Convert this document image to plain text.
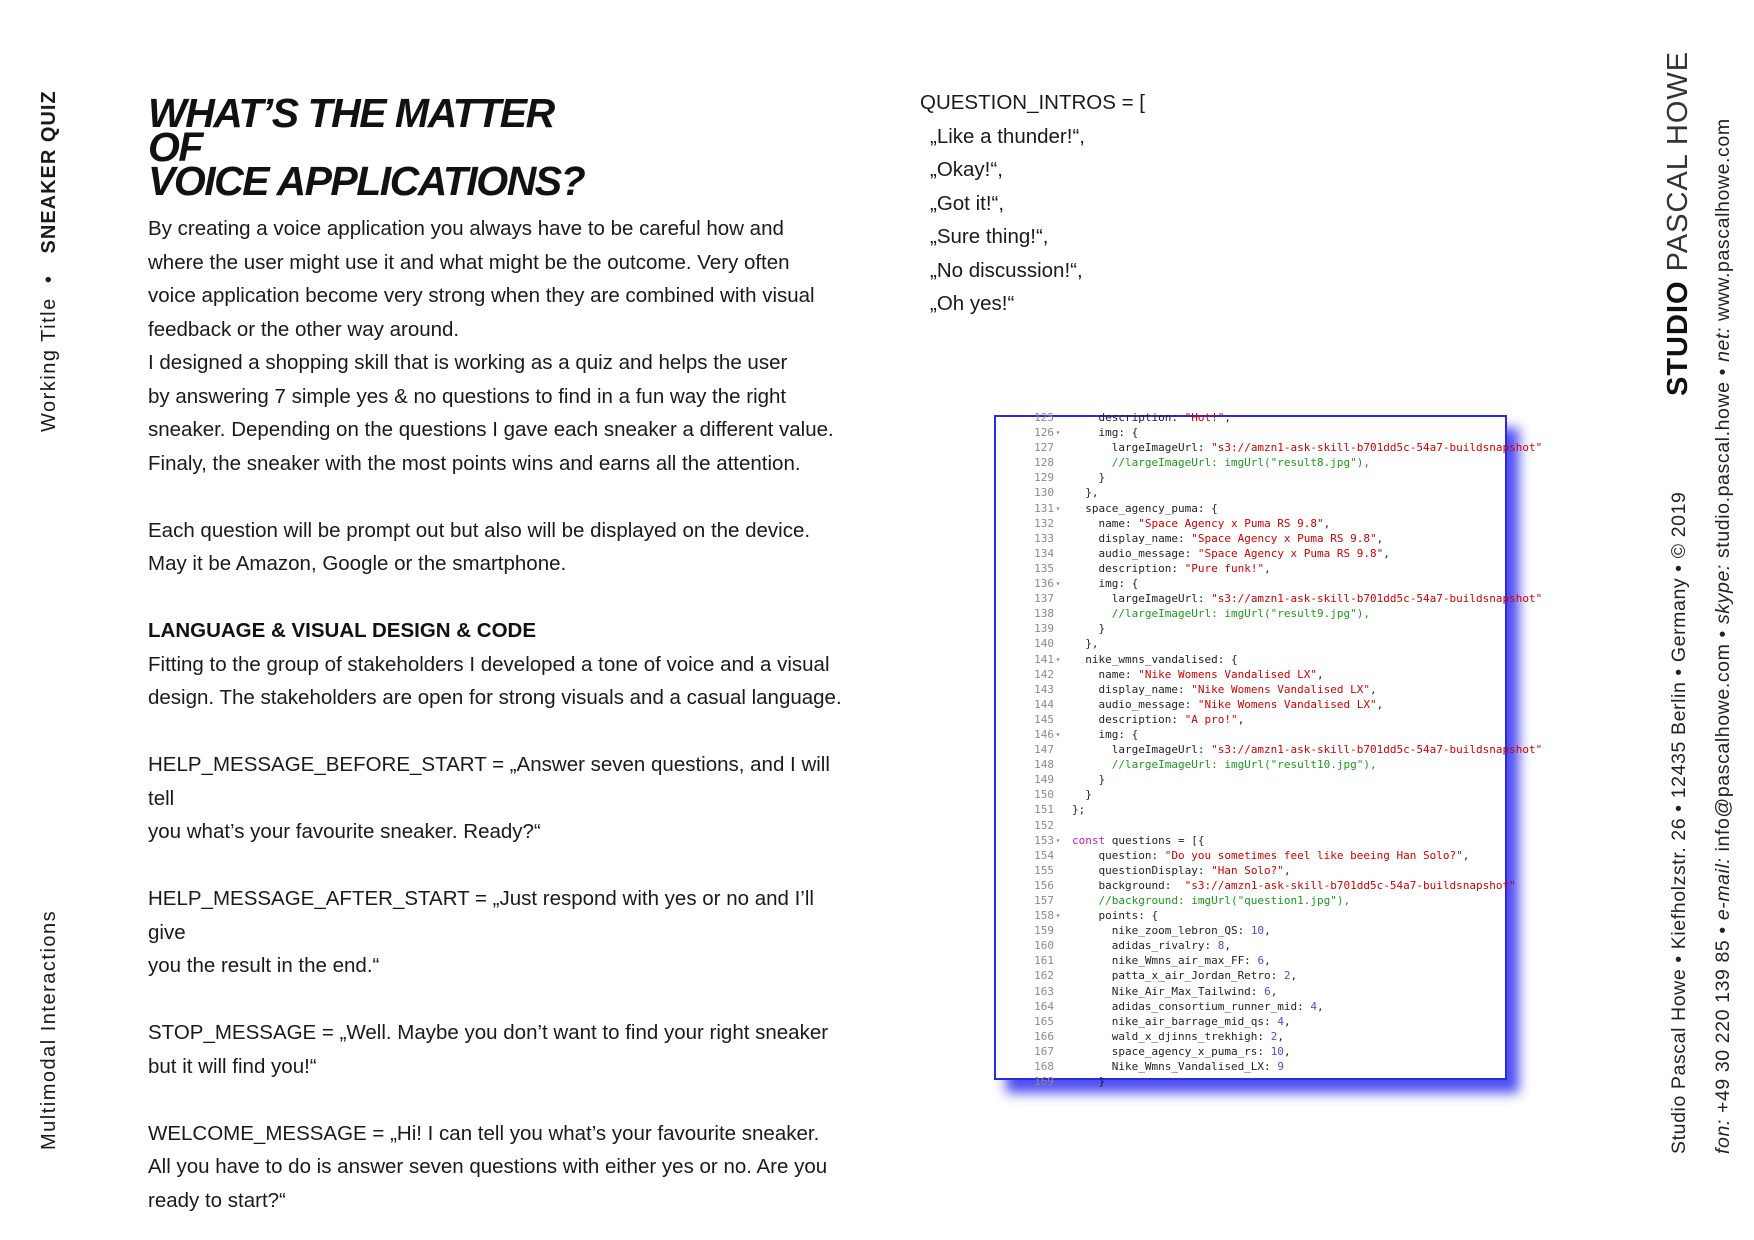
Working Title  •   SNEAKER QUIZ
Multimodal Interactions
WHAT’S THE MATTER
OF
VOICE APPLICATIONS?

By creating a voice application you always have to be careful how and

where the user might use it and what might be the outcome. Very often

voice application become very strong when they are combined with visual

feedback or the other way around.

I designed a shopping skill that is working as a quiz and helps the user

by answering 7 simple yes & no questions to find in a fun way the right

sneaker. Depending on the questions I gave each sneaker a different value.

Finaly, the sneaker with the most points wins and earns all the attention.

Each question will be prompt out but also will be displayed on the device.

May it be Amazon, Google or the smartphone.

LANGUAGE & VISUAL DESIGN & CODE

Fitting to the group of stakeholders I developed a tone of voice and a visual

design. The stakeholders are open for strong visuals and a casual language.

HELP_MESSAGE_BEFORE_START = „Answer seven questions, and I will tell

you what’s your favourite sneaker. Ready?“

HELP_MESSAGE_AFTER_START = „Just respond with yes or no and I’ll give

you the result in the end.“

STOP_MESSAGE = „Well. Maybe you don’t want to find your right sneaker

but it will find you!“

WELCOME_MESSAGE = „Hi! I can tell you what’s your favourite sneaker.

All you have to do is answer seven questions with either yes or no. Are you

ready to start?“

QUESTION_INTROS = [
„Like a thunder!“,
„Okay!“,
„Got it!“,
„Sure thing!“,
„No discussion!“,
„Oh yes!“
125	description: "Hot!",
126 ▾	img: {
127	largeImageUrl: "s3://amzn1-ask-skill-b701dd5c-54a7-buildsnapshot"
128	//largeImageUrl: imgUrl("result8.jpg"),
129	}
130	},
131 ▾	space_agency_puma: {
132	name: "Space Agency x Puma RS 9.8",
133	display_name: "Space Agency x Puma RS 9.8",
134	audio_message: "Space Agency x Puma RS 9.8",
135	description: "Pure funk!",
136 ▾	img: {
137	largeImageUrl: "s3://amzn1-ask-skill-b701dd5c-54a7-buildsnapshot"
138	//largeImageUrl: imgUrl("result9.jpg"),
139	}
140	},
141 ▾	nike_wmns_vandalised: {
142	name: "Nike Womens Vandalised LX",
143	display_name: "Nike Womens Vandalised LX",
144	audio_message: "Nike Womens Vandalised LX",
145	description: "A pro!",
146 ▾	img: {
147	largeImageUrl: "s3://amzn1-ask-skill-b701dd5c-54a7-buildsnapshot"
148	//largeImageUrl: imgUrl("result10.jpg"),
149	}
150	}
151	};
152
153 ▾	const questions = [{
154	question: "Do you sometimes feel like beeing Han Solo?",
155	questionDisplay: "Han Solo?",
156	background:  "s3://amzn1-ask-skill-b701dd5c-54a7-buildsnapshot"
157	//background: imgUrl("question1.jpg"),
158 ▾	points: {
159	nike_zoom_lebron_QS: 10,
160	adidas_rivalry: 8,
161	nike_Wmns_air_max_FF: 6,
162	patta_x_air_Jordan_Retro: 2,
163	Nike_Air_Max_Tailwind: 6,
164	adidas_consortium_runner_mid: 4,
165	nike_air_barrage_mid_qs: 4,
166	wald_x_djinns_trekhigh: 2,
167	space_agency_x_puma_rs: 10,
168	Nike_Wmns_Vandalised_LX: 9
169	}
STUDIO PASCAL HOWE
Studio Pascal Howe • Kiefholzstr. 26 • 12435 Berlin • Germany • © 2019 fon: +49 30 220 139 85 • e-mail: info@pascalhowe.com • skype: studio.pascal.howe • net: www.pascalhowe.com
